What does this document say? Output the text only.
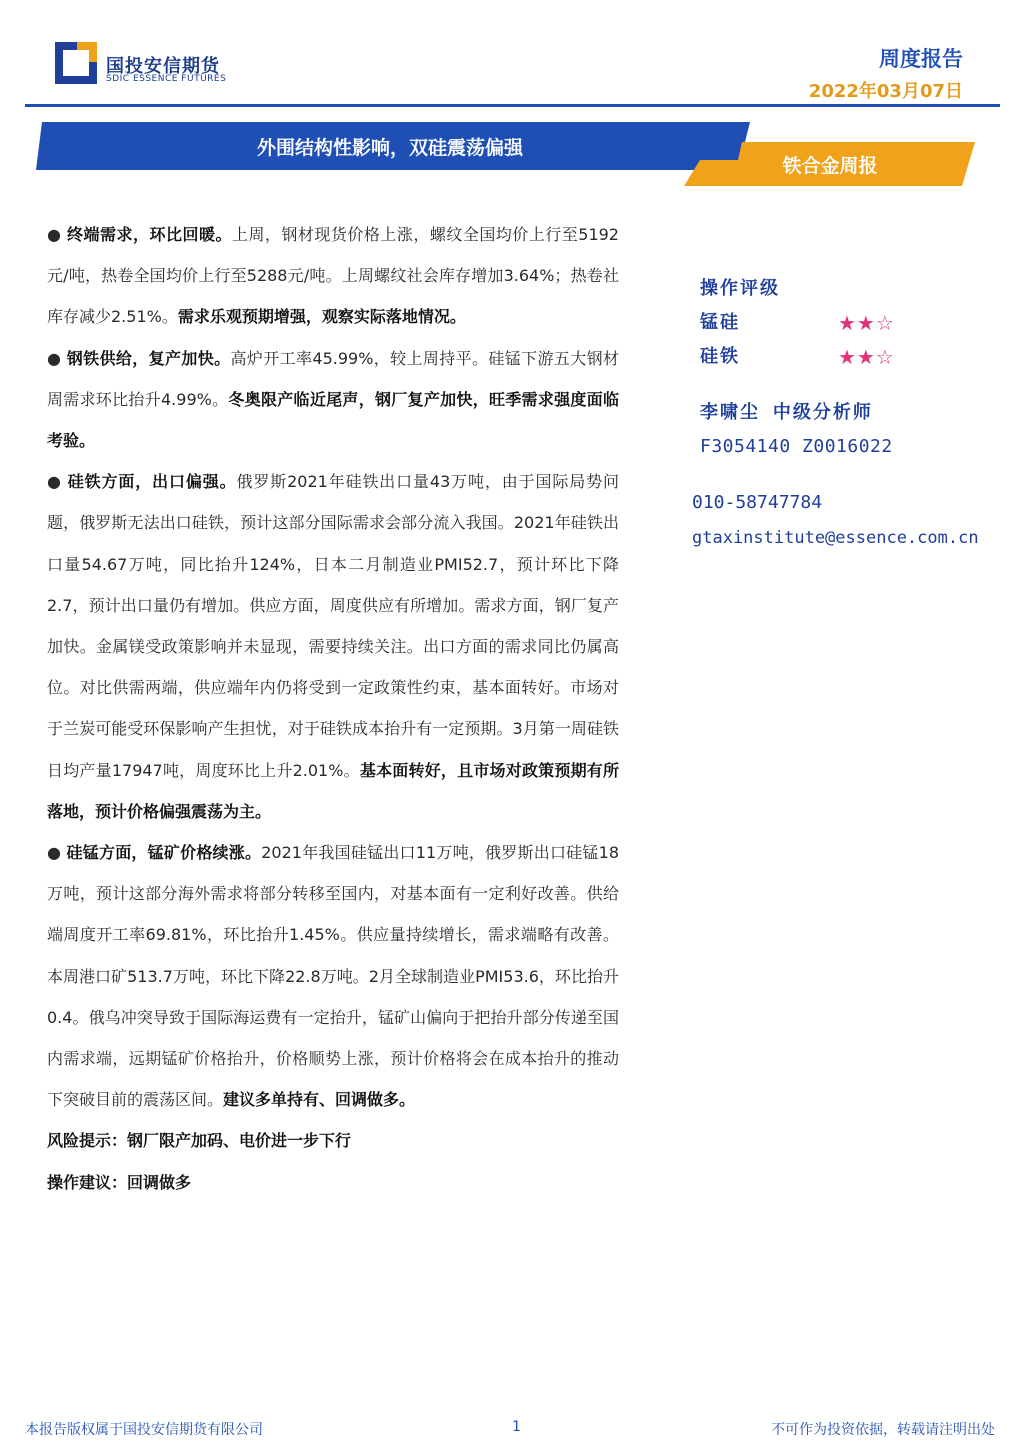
国投安信期货
SDIC ESSENCE FUTURES
周度报告
2022年03月07日
外围结构性影响，双硅震荡偏强
铁合金周报

● 终端需求，环比回暖。上周，钢材现货价格上涨，螺纹全国均价上行至5192元/吨，热卷全国均价上行至5288元/吨。上周螺纹社会库存增加3.64%；热卷社库存减少2.51%。需求乐观预期增强，观察实际落地情况。

● 钢铁供给，复产加快。高炉开工率45.99%，较上周持平。硅锰下游五大钢材周需求环比抬升4.99%。冬奥限产临近尾声，钢厂复产加快，旺季需求强度面临考验。

● 硅铁方面，出口偏强。俄罗斯2021年硅铁出口量43万吨，由于国际局势问题，俄罗斯无法出口硅铁，预计这部分国际需求会部分流入我国。2021年硅铁出口量54.67万吨，同比抬升124%，日本二月制造业PMI52.7，预计环比下降2.7，预计出口量仍有增加。供应方面，周度供应有所增加。需求方面，钢厂复产加快。金属镁受政策影响并未显现，需要持续关注。出口方面的需求同比仍属高位。对比供需两端，供应端年内仍将受到一定政策性约束，基本面转好。市场对于兰炭可能受环保影响产生担忧，对于硅铁成本抬升有一定预期。3月第一周硅铁日均产量17947吨，周度环比上升2.01%。基本面转好，且市场对政策预期有所落地，预计价格偏强震荡为主。

● 硅锰方面，锰矿价格续涨。2021年我国硅锰出口11万吨，俄罗斯出口硅锰18万吨，预计这部分海外需求将部分转移至国内，对基本面有一定利好改善。供给端周度开工率69.81%，环比抬升1.45%。供应量持续增长，需求端略有改善。本周港口矿513.7万吨，环比下降22.8万吨。2月全球制造业PMI53.6，环比抬升0.4。俄乌冲突导致于国际海运费有一定抬升，锰矿山偏向于把抬升部分传递至国内需求端，远期锰矿价格抬升，价格顺势上涨，预计价格将会在成本抬升的推动下突破目前的震荡区间。建议多单持有、回调做多。

风险提示：钢厂限产加码、电价进一步下行

操作建议：回调做多

操作评级
锰硅	★★☆
硅铁	★★☆
李啸尘 中级分析师
F3054140 Z0016022
010-58747784
gtaxinstitute@essence.com.cn
本报告版权属于国投安信期货有限公司	1	不可作为投资依据，转载请注明出处
